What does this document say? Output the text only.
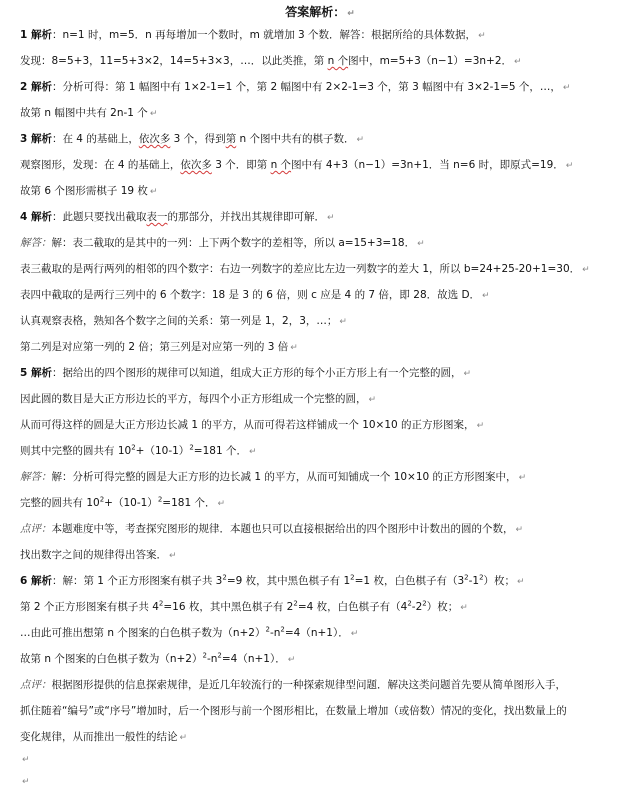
答案解析： ↵
1 解析：n=1 时，m=5．n 再每增加一个数时，m 就增加 3 个数．解答：根据所给的具体数据， ↵
发现：8=5+3，11=5+3×2，14=5+3×3，…．以此类推，第 n 个图中，m=5+3（n−1）=3n+2． ↵
2 解析：分析可得：第 1 幅图中有 1×2-1=1 个，第 2 幅图中有 2×2-1=3 个，第 3 幅图中有 3×2-1=5 个，…， ↵
故第 n 幅图中共有 2n-1 个 ↵
3 解析：在 4 的基础上，依次多 3 个，得到第 n 个图中共有的棋子数． ↵
观察图形，发现：在 4 的基础上，依次多 3 个．即第 n 个图中有 4+3（n−1）=3n+1．当 n=6 时，即原式=19． ↵
故第 6 个图形需棋子 19 枚 ↵
4 解析：此题只要找出截取表一的那部分，并找出其规律即可解． ↵
解答：解：表二截取的是其中的一列：上下两个数字的差相等，所以 a=15+3=18． ↵
表三截取的是两行两列的相邻的四个数字：右边一列数字的差应比左边一列数字的差大 1，所以 b=24+25-20+1=30． ↵
表四中截取的是两行三列中的 6 个数字：18 是 3 的 6 倍，则 c 应是 4 的 7 倍，即 28．故选 D． ↵
认真观察表格，熟知各个数字之间的关系：第一列是 1，2，3，…； ↵
第二列是对应第一列的 2 倍；第三列是对应第一列的 3 倍 ↵
5 解析：据给出的四个图形的规律可以知道，组成大正方形的每个小正方形上有一个完整的圆， ↵
因此圆的数目是大正方形边长的平方，每四个小正方形组成一个完整的圆， ↵
从而可得这样的圆是大正方形边长减 1 的平方，从而可得若这样铺成一个 10×10 的正方形图案， ↵
则其中完整的圆共有 $10^2+(10-1)^2=181$ 个． ↵
解答：解：分析可得完整的圆是大正方形的边长减 1 的平方，从而可知铺成一个 10×10 的正方形图案中， ↵
完整的圆共有 $10^2+(10-1)^2=181$ 个． ↵
点评：本题难度中等，考查探究图形的规律．本题也只可以直接根据给出的四个图形中计数出的圆的个数， ↵
找出数字之间的规律得出答案． ↵
6 解析：解：第 1 个正方形图案有棋子共 $3^2=9$ 枚，其中黑色棋子有 $1^2=1$ 枚，白色棋子有$(3^2-1^2)$枚； ↵
第 2 个正方形图案有棋子共 $4^2=16$ 枚，其中黑色棋子有 $2^2=4$ 枚，白色棋子有$(4^2-2^2)$枚； ↵
…由此可推出想第 n 个图案的白色棋子数为$(n+2)^2-n^2=4(n+1)$． ↵
故第 n 个图案的白色棋子数为$(n+2)^2-n^2=4(n+1)$． ↵
点评：根据图形提供的信息探索规律，是近几年较流行的一种探索规律型问题．解决这类问题首先要从简单图形入手，
抓住随着“编号”或“序号”增加时，后一个图形与前一个图形相比，在数量上增加（或倍数）情况的变化，找出数量上的
变化规律，从而推出一般性的结论 ↵
↵
↵
